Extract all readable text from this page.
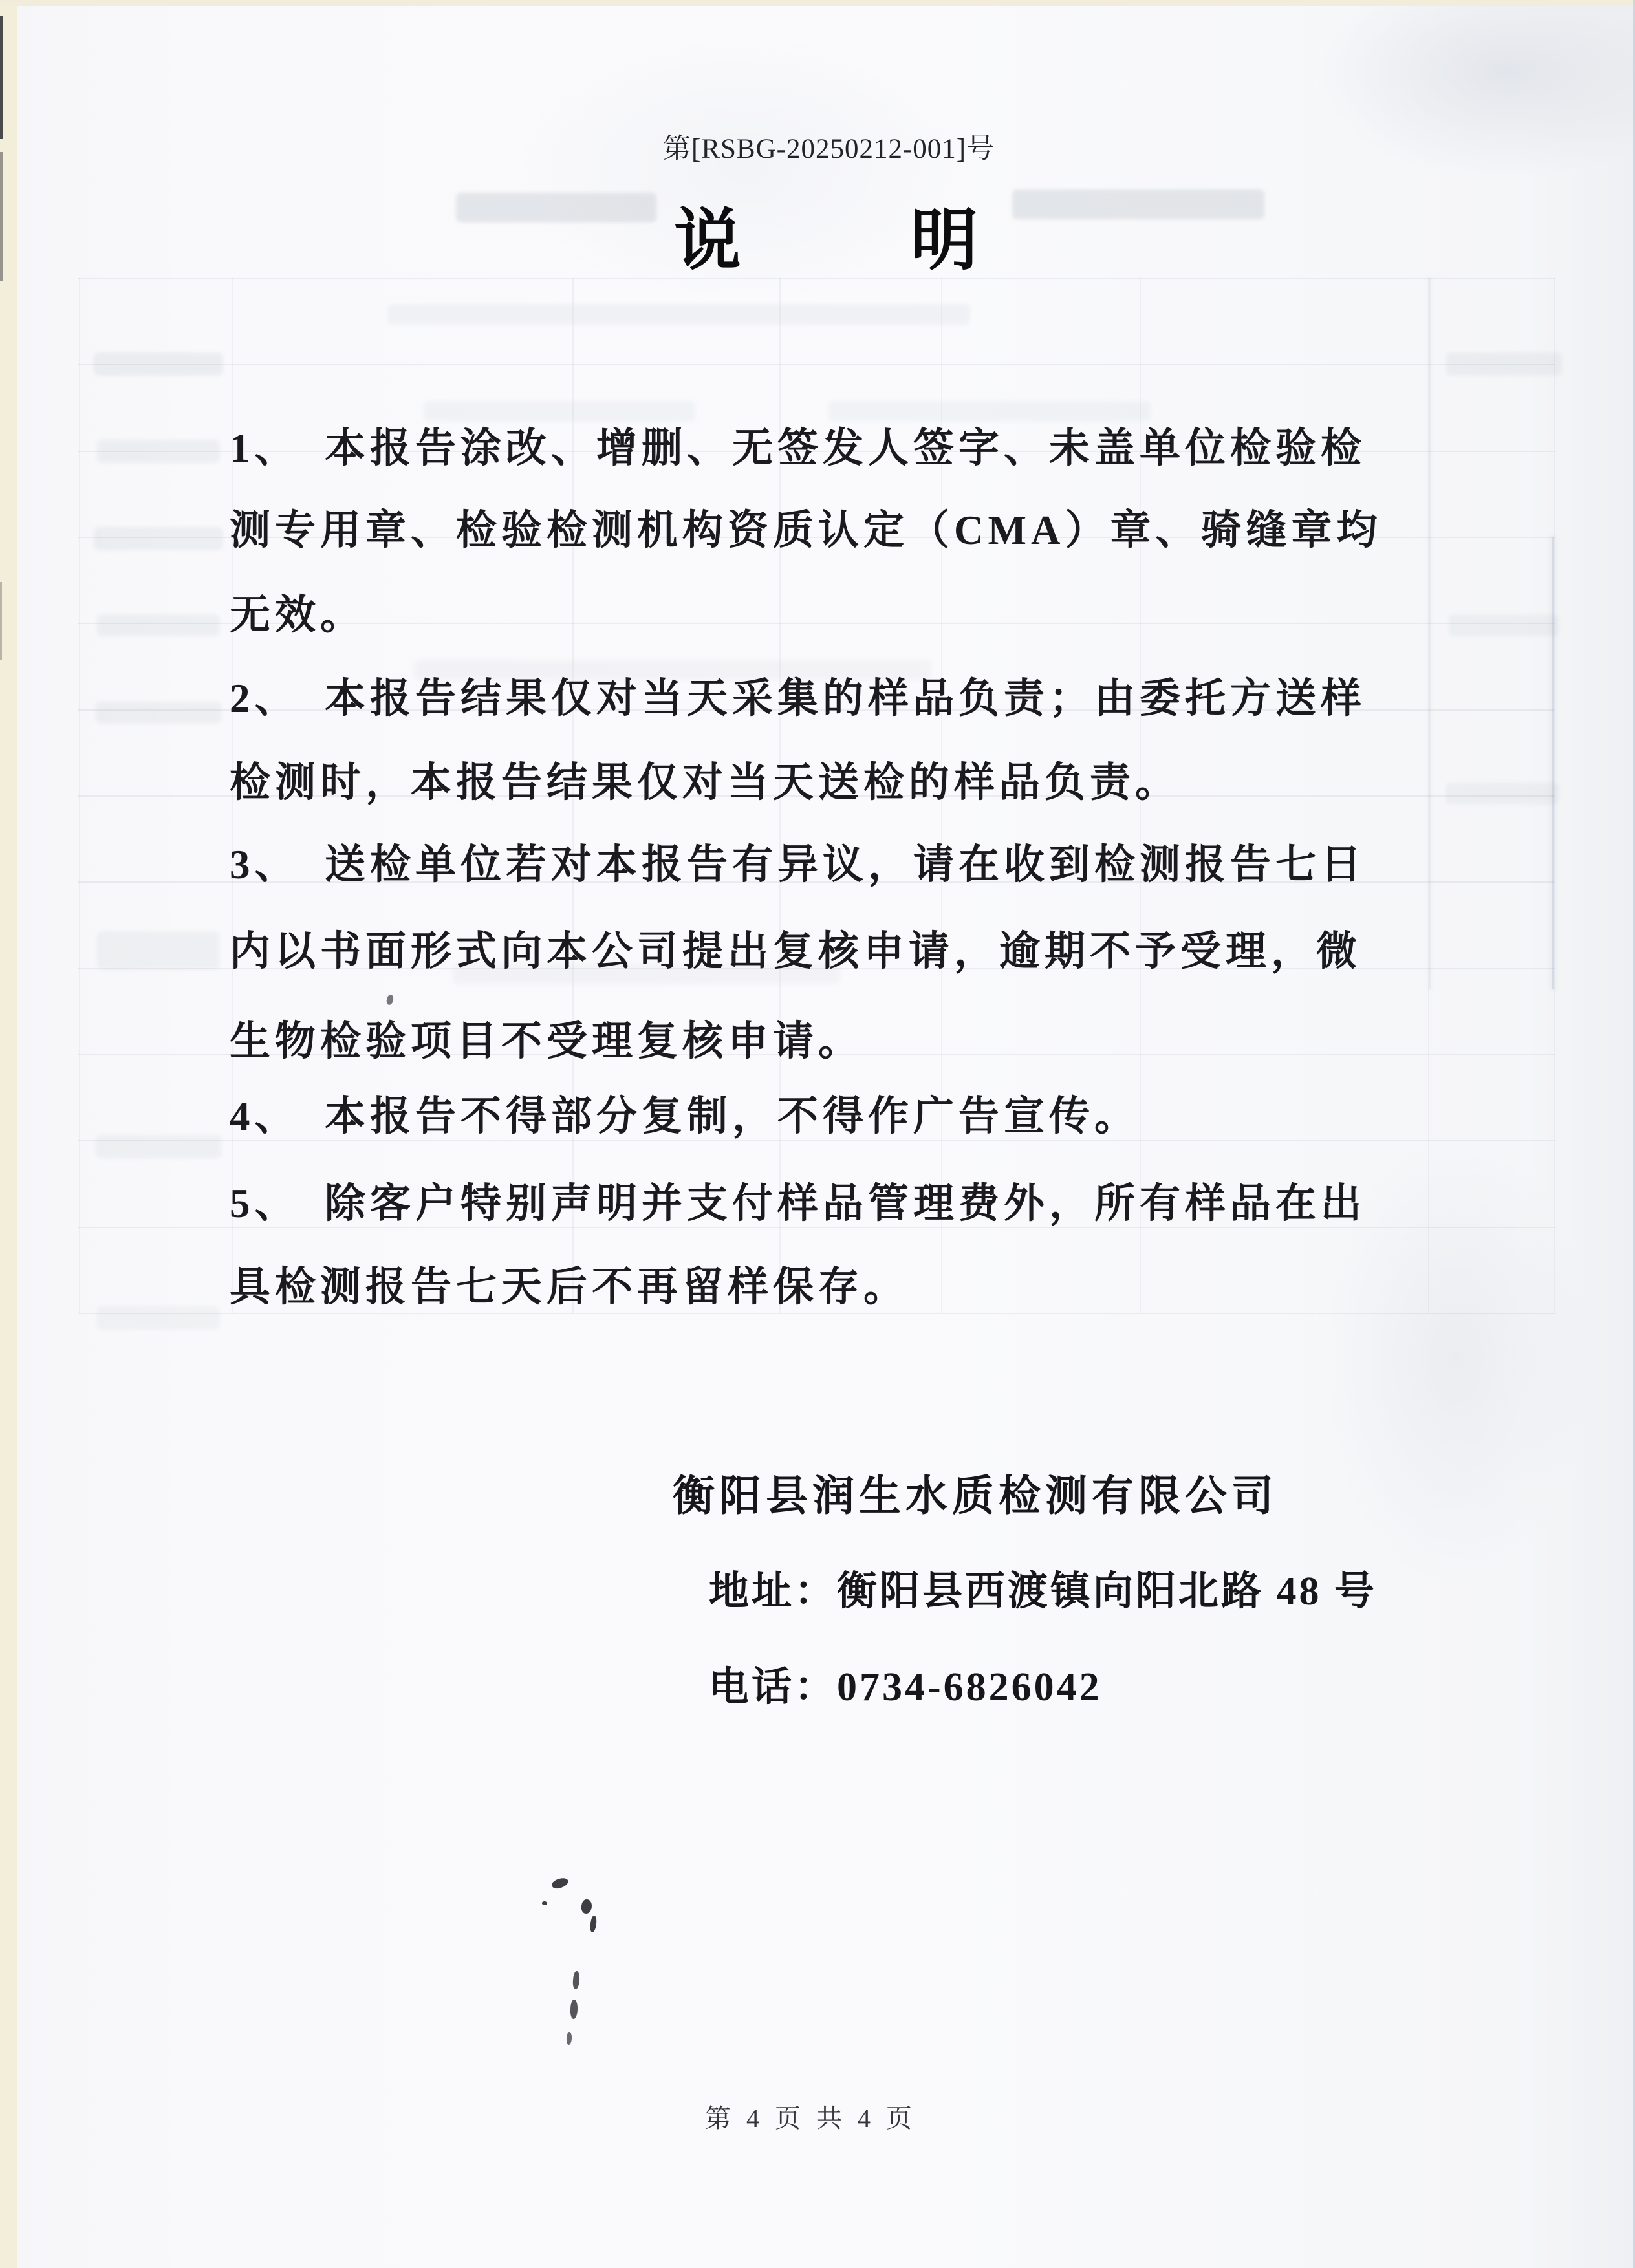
第[RSBG-20250212-001]号
说　　明
1、　本报告涂改、增删、无签发人签字、未盖单位检验检
测专用章、检验检测机构资质认定（CMA）章、骑缝章均
无效。
2、　本报告结果仅对当天采集的样品负责；由委托方送样
检测时，本报告结果仅对当天送检的样品负责。
3、　送检单位若对本报告有异议，请在收到检测报告七日
内以书面形式向本公司提出复核申请，逾期不予受理，微
生物检验项目不受理复核申请。
4、　本报告不得部分复制，不得作广告宣传。
5、　除客户特别声明并支付样品管理费外，所有样品在出
具检测报告七天后不再留样保存。
衡阳县润生水质检测有限公司
地址：衡阳县西渡镇向阳北路 48 号
电话：0734-6826042
第 4 页 共 4 页
